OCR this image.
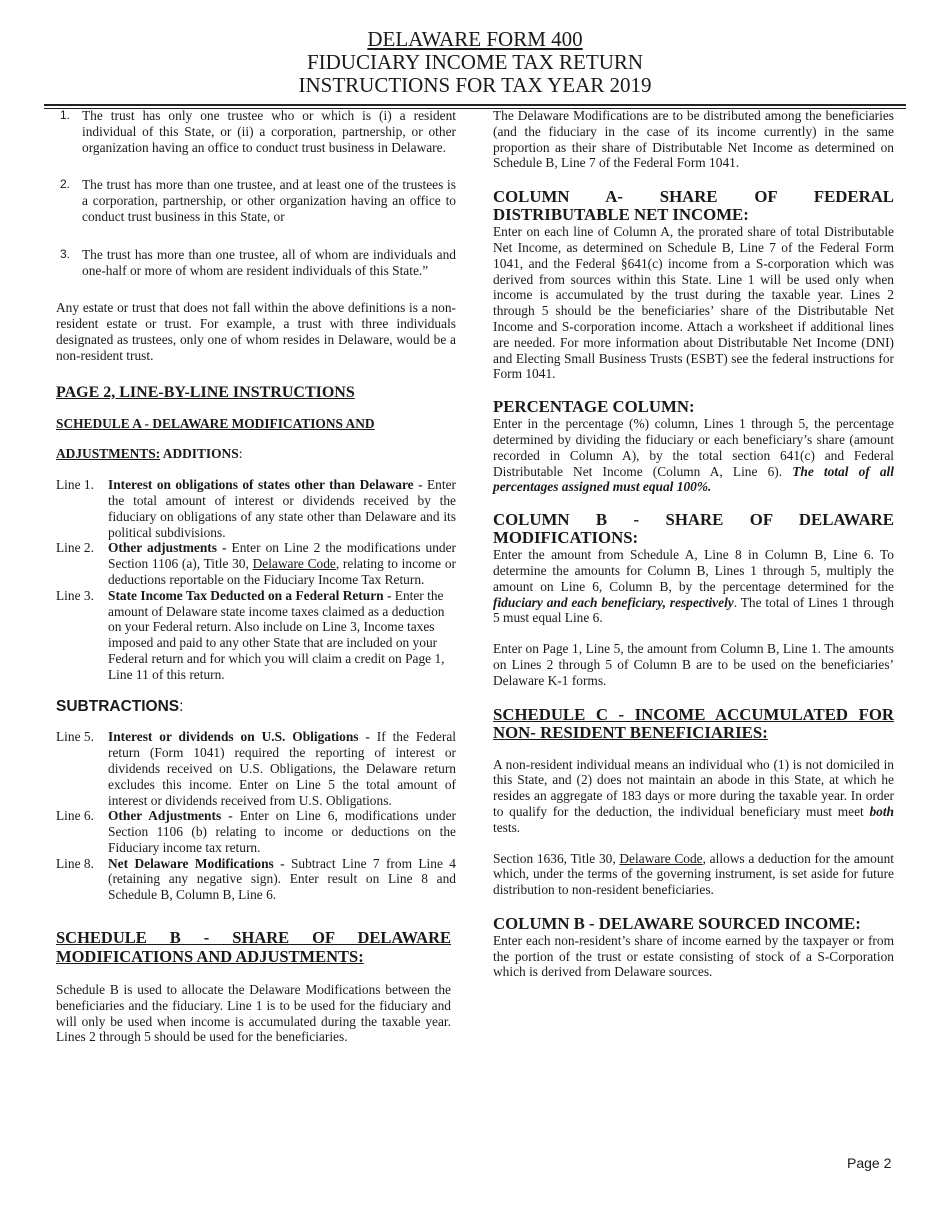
DELAWARE FORM 400
FIDUCIARY INCOME TAX RETURN
INSTRUCTIONS FOR TAX YEAR 2019

1. The trust has only one trustee who or which is (i) a resident individual of this State, or (ii) a corporation, partnership, or other organization having an office to conduct trust business in Delaware.

2. The trust has more than one trustee, and at least one of the trustees is a corporation, partnership, or other organization having an office to conduct trust business in this State, or

3. The trust has more than one trustee, all of whom are individuals and one-half or more of whom are resident individuals of this State.”

Any estate or trust that does not fall within the above definitions is a non-resident estate or trust. For example, a trust with three individuals designated as trustees, only one of whom resides in Delaware, would be a non-resident trust.

PAGE 2, LINE-BY-LINE INSTRUCTIONS

SCHEDULE A - DELAWARE MODIFICATIONS AND

ADJUSTMENTS: ADDITIONS:

Line 1. Interest on obligations of states other than Delaware - Enter the total amount of interest or dividends received by the fiduciary on obligations of any state other than Delaware and its political subdivisions.

Line 2. Other adjustments - Enter on Line 2 the modifications under Section 1106 (a), Title 30, Delaware Code, relating to income or deductions reportable on the Fiduciary Income Tax Return.

Line 3. State Income Tax Deducted on a Federal Return - Enter the amount of Delaware state income taxes claimed as a deduction on your Federal return. Also include on Line 3, Income taxes imposed and paid to any other State that are included on your Federal return and for which you will claim a credit on Page 1, Line 11 of this return.

SUBTRACTIONS:

Line 5. Interest or dividends on U.S. Obligations - If the Federal return (Form 1041) required the reporting of interest or dividends received on U.S. Obligations, the Delaware return excludes this income. Enter on Line 5 the total amount of interest or dividends received from U.S. Obligations.

Line 6. Other Adjustments - Enter on Line 6, modifications under Section 1106 (b) relating to income or deductions on the Fiduciary income tax return.

Line 8. Net Delaware Modifications - Subtract Line 7 from Line 4 (retaining any negative sign). Enter result on Line 8 and Schedule B, Column B, Line 6.

SCHEDULE B - SHARE OF DELAWARE

MODIFICATIONS AND ADJUSTMENTS:

Schedule B is used to allocate the Delaware Modifications between the beneficiaries and the fiduciary. Line 1 is to be used for the fiduciary and will only be used when income is accumulated during the taxable year. Lines 2 through 5 should be used for the beneficiaries.

The Delaware Modifications are to be distributed among the beneficiaries (and the fiduciary in the case of its income currently) in the same proportion as their share of Distributable Net Income as determined on Schedule B, Line 7 of the Federal Form 1041.

COLUMN A- SHARE OF FEDERAL

DISTRIBUTABLE NET INCOME:

Enter on each line of Column A, the prorated share of total Distributable Net Income, as determined on Schedule B, Line 7 of the Federal Form 1041, and the Federal §641(c) income from a S-corporation which was derived from sources within this State. Line 1 will be used only when income is accumulated by the trust during the taxable year. Lines 2 through 5 should be the beneficiaries’ share of the Distributable Net Income and S-corporation income. Attach a worksheet if additional lines are needed. For more information about Distributable Net Income (DNI) and Electing Small Business Trusts (ESBT) see the federal instructions for Form 1041.

PERCENTAGE COLUMN:

Enter in the percentage (%) column, Lines 1 through 5, the percentage determined by dividing the fiduciary or each beneficiary’s share (amount recorded in Column A), by the total section 641(c) and Federal Distributable Net Income (Column A, Line 6). The total of all percentages assigned must equal 100%.

COLUMN B - SHARE OF DELAWARE

MODIFICATIONS:

Enter the amount from Schedule A, Line 8 in Column B, Line 6. To determine the amounts for Column B, Lines 1 through 5, multiply the amount on Line 6, Column B, by the percentage determined for the fiduciary and each beneficiary, respectively. The total of Lines 1 through 5 must equal Line 6.

Enter on Page 1, Line 5, the amount from Column B, Line 1. The amounts on Lines 2 through 5 of Column B are to be used on the beneficiaries’ Delaware K-1 forms.

SCHEDULE C - INCOME ACCUMULATED FOR

NON- RESIDENT BENEFICIARIES:

A non-resident individual means an individual who (1) is not domiciled in this State, and (2) does not maintain an abode in this State, at which he resides an aggregate of 183 days or more during the taxable year. In order to qualify for the deduction, the individual beneficiary must meet both tests.

Section 1636, Title 30, Delaware Code, allows a deduction for the amount which, under the terms of the governing instrument, is set aside for future distribution to non-resident beneficiaries.

COLUMN B - DELAWARE SOURCED INCOME:

Enter each non-resident’s share of income earned by the taxpayer or from the portion of the trust or estate consisting of stock of a S-Corporation which is derived from Delaware sources.

Page 2
